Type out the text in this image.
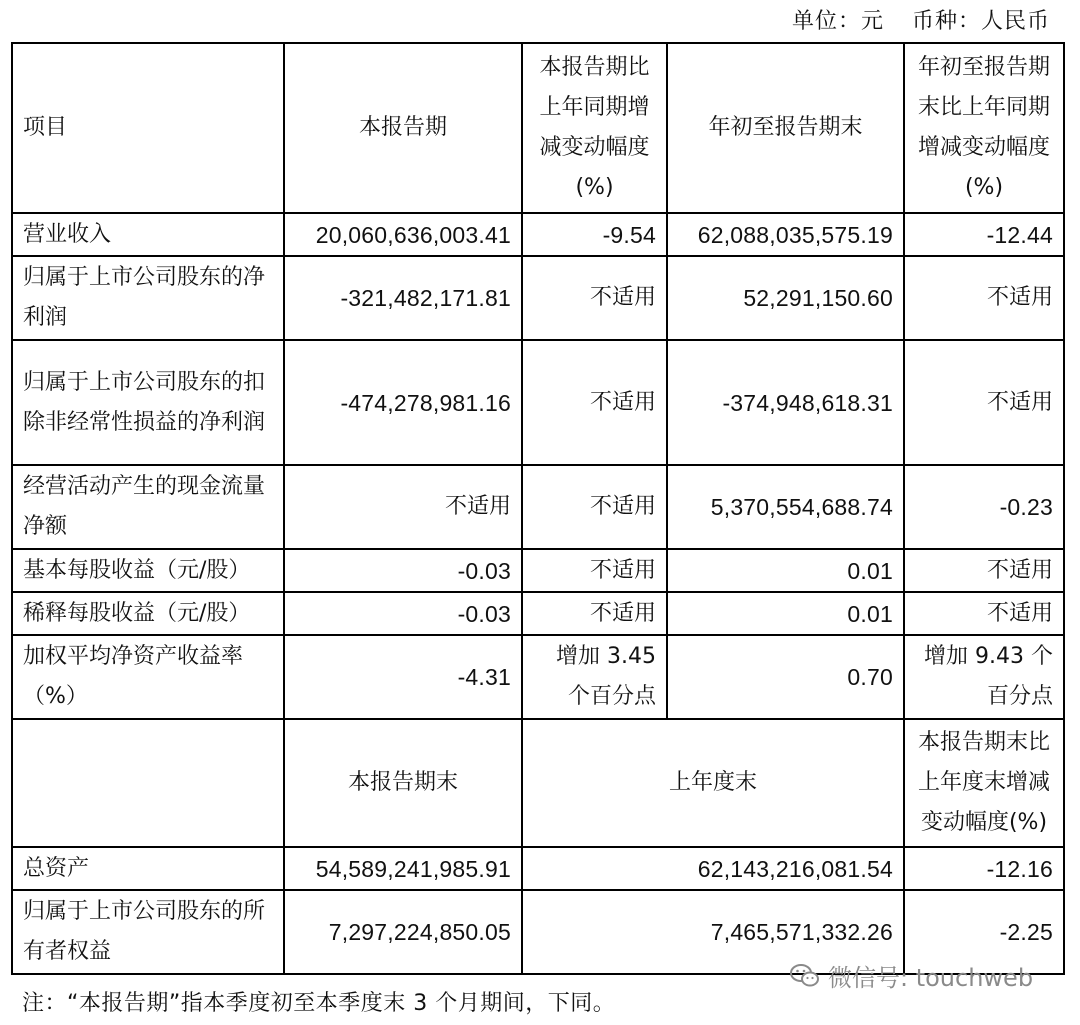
单位：元 币种：人民币
项目	本报告期	本报告期比上年同期增减变动幅度(%)	年初至报告期末	年初至报告期末比上年同期增减变动幅度(%)
营业收入	20,060,636,003.41	-9.54	62,088,035,575.19	-12.44
归属于上市公司股东的净利润	-321,482,171.81	不适用	52,291,150.60	不适用
归属于上市公司股东的扣除非经常性损益的净利润	-474,278,981.16	不适用	-374,948,618.31	不适用
经营活动产生的现金流量净额	不适用	不适用	5,370,554,688.74	-0.23
基本每股收益（元/股）	-0.03	不适用	0.01	不适用
稀释每股收益（元/股）	-0.03	不适用	0.01	不适用
加权平均净资产收益率（%）	-4.31	增加 3.45 个百分点	0.70	增加 9.43 个百分点
	本报告期末	上年度末		本报告期末比上年度末增减变动幅度(%)
总资产	54,589,241,985.91	62,143,216,081.54		-12.16
归属于上市公司股东的所有者权益	7,297,224,850.05	7,465,571,332.26		-2.25
微信号: touchweb
注：“本报告期”指本季度初至本季度末 3 个月期间，下同。
